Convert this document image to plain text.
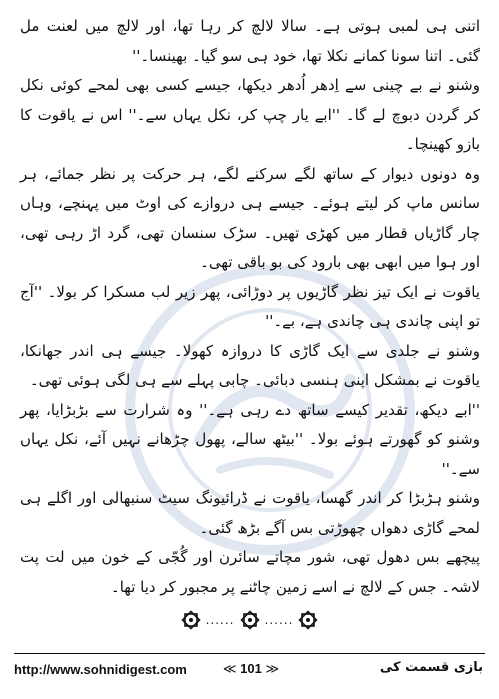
اتنی ہی لمبی ہوتی ہے۔ سالا لالچ کر رہا تھا، اور لالچ میں لعنت مل گئی۔ اتنا سونا کمانے نکلا تھا، خود ہی سو گیا۔ بھینسا۔''

وشنو نے بے چینی سے اِدھر اُدھر دیکھا، جیسے کسی بھی لمحے کوئی نکل کر گردن دبوچ لے گا۔ ''ابے یار چپ کر، نکل یہاں سے۔'' اس نے یاقوت کا بازو کھینچا۔

وہ دونوں دیوار کے ساتھ لگے سرکنے لگے، ہر حرکت پر نظر جمائے، ہر سانس ماپ کر لیتے ہوئے۔ جیسے ہی دروازے کی اوٹ میں پہنچے، وہاں چار گاڑیاں قطار میں کھڑی تھیں۔ سڑک سنسان تھی، گرد اڑ رہی تھی، اور ہوا میں ابھی بھی بارود کی بو باقی تھی۔

یاقوت نے ایک تیز نظر گاڑیوں پر دوڑائی، پھر زیر لب مسکرا کر بولا۔ ''آج تو اپنی چاندی ہی چاندی ہے، بے۔''

وشنو نے جلدی سے ایک گاڑی کا دروازہ کھولا۔ جیسے ہی اندر جھانکا، یاقوت نے بمشکل اپنی ہنسی دبائی۔ چابی پہلے سے ہی لگی ہوئی تھی۔

''ابے دیکھ، تقدیر کیسے ساتھ دے رہی ہے۔'' وہ شرارت سے بڑبڑایا، پھر وشنو کو گھورتے ہوئے بولا۔ ''بیٹھ سالے، پھول چڑھانے نہیں آئے، نکل یہاں سے۔''

وشنو ہڑبڑا کر اندر گھسا، یاقوت نے ڈرائیونگ سیٹ سنبھالی اور اگلے ہی لمحے گاڑی دھواں چھوڑتی بس آگے بڑھ گئی۔

پیچھے بس دھول تھی، شور مچاتے سائرن اور گُجّی کے خون میں لت پت لاشہ۔ جس کے لالچ نے اسے زمین چاٹنے پر مجبور کر دیا تھا۔

......	......
http://www.sohnidigest.com	≪ 101 ≫	بازی قسمت کی
